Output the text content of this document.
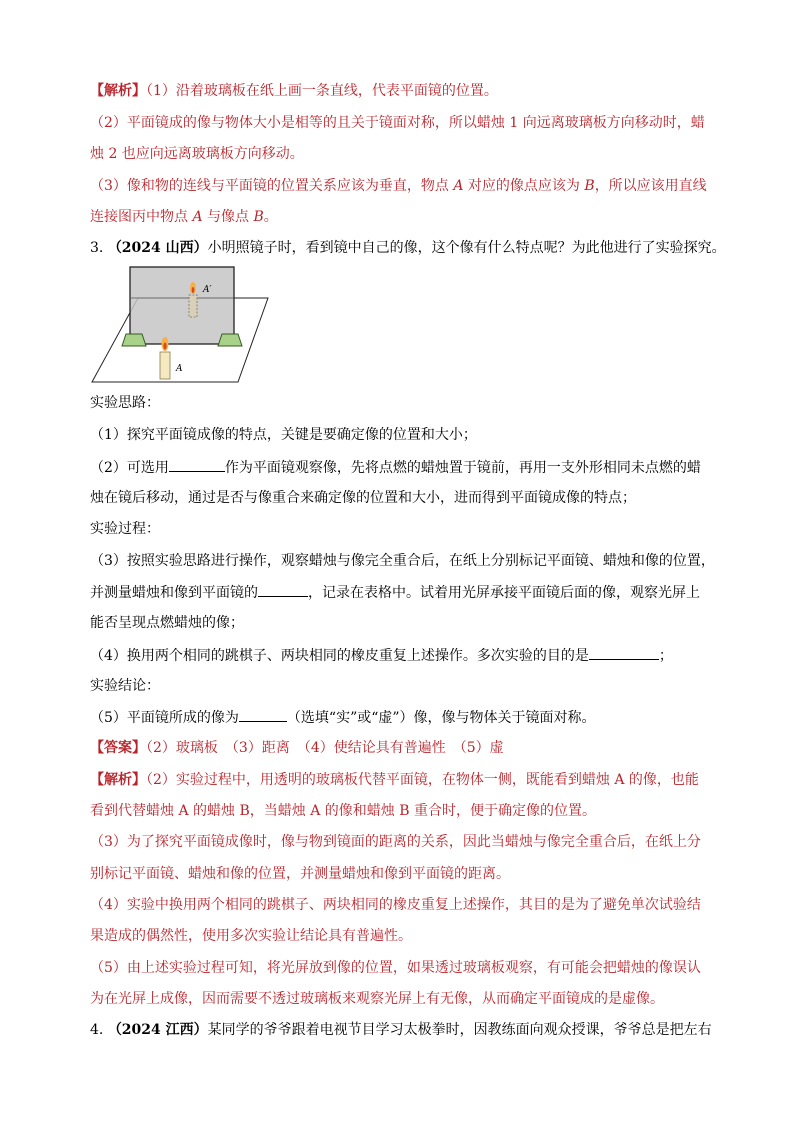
【解析】（1）沿着玻璃板在纸上画一条直线，代表平面镜的位置。
（2）平面镜成的像与物体大小是相等的且关于镜面对称，所以蜡烛 1 向远离玻璃板方向移动时，蜡
烛 2 也应向远离玻璃板方向移动。
（3）像和物的连线与平面镜的位置关系应该为垂直，物点 A 对应的像点应该为 B，所以应该用直线
连接图丙中物点 A 与像点 B。
3. （2024 山西）小明照镜子时，看到镜中自己的像，这个像有什么特点呢？为此他进行了实验探究。
A′
A
实验思路：
（1）探究平面镜成像的特点，关键是要确定像的位置和大小；
（2）可选用	作为平面镜观察像，先将点燃的蜡烛置于镜前，再用一支外形相同未点燃的蜡
烛在镜后移动，通过是否与像重合来确定像的位置和大小，进而得到平面镜成像的特点；
实验过程：
（3）按照实验思路进行操作，观察蜡烛与像完全重合后，在纸上分别标记平面镜、蜡烛和像的位置，
并测量蜡烛和像到平面镜的	，记录在表格中。试着用光屏承接平面镜后面的像，观察光屏上
能否呈现点燃蜡烛的像；
（4）换用两个相同的跳棋子、两块相同的橡皮重复上述操作。多次实验的目的是	；
实验结论：
（5）平面镜所成的像为	（选填“实”或“虚”）像，像与物体关于镜面对称。
【答案】（2）玻璃板　（3）距离　（4）使结论具有普遍性　（5）虚
【解析】（2）实验过程中，用透明的玻璃板代替平面镜，在物体一侧，既能看到蜡烛 A 的像，也能
看到代替蜡烛 A 的蜡烛 B，当蜡烛 A 的像和蜡烛 B 重合时，便于确定像的位置。
（3）为了探究平面镜成像时，像与物到镜面的距离的关系，因此当蜡烛与像完全重合后，在纸上分
别标记平面镜、蜡烛和像的位置，并测量蜡烛和像到平面镜的距离。
（4）实验中换用两个相同的跳棋子、两块相同的橡皮重复上述操作，其目的是为了避免单次试验结
果造成的偶然性，使用多次实验让结论具有普遍性。
（5）由上述实验过程可知，将光屏放到像的位置，如果透过玻璃板观察，有可能会把蜡烛的像误认
为在光屏上成像，因而需要不透过玻璃板来观察光屏上有无像，从而确定平面镜成的是虚像。
4. （2024 江西）某同学的爷爷跟着电视节目学习太极拳时，因教练面向观众授课，爷爷总是把左右
